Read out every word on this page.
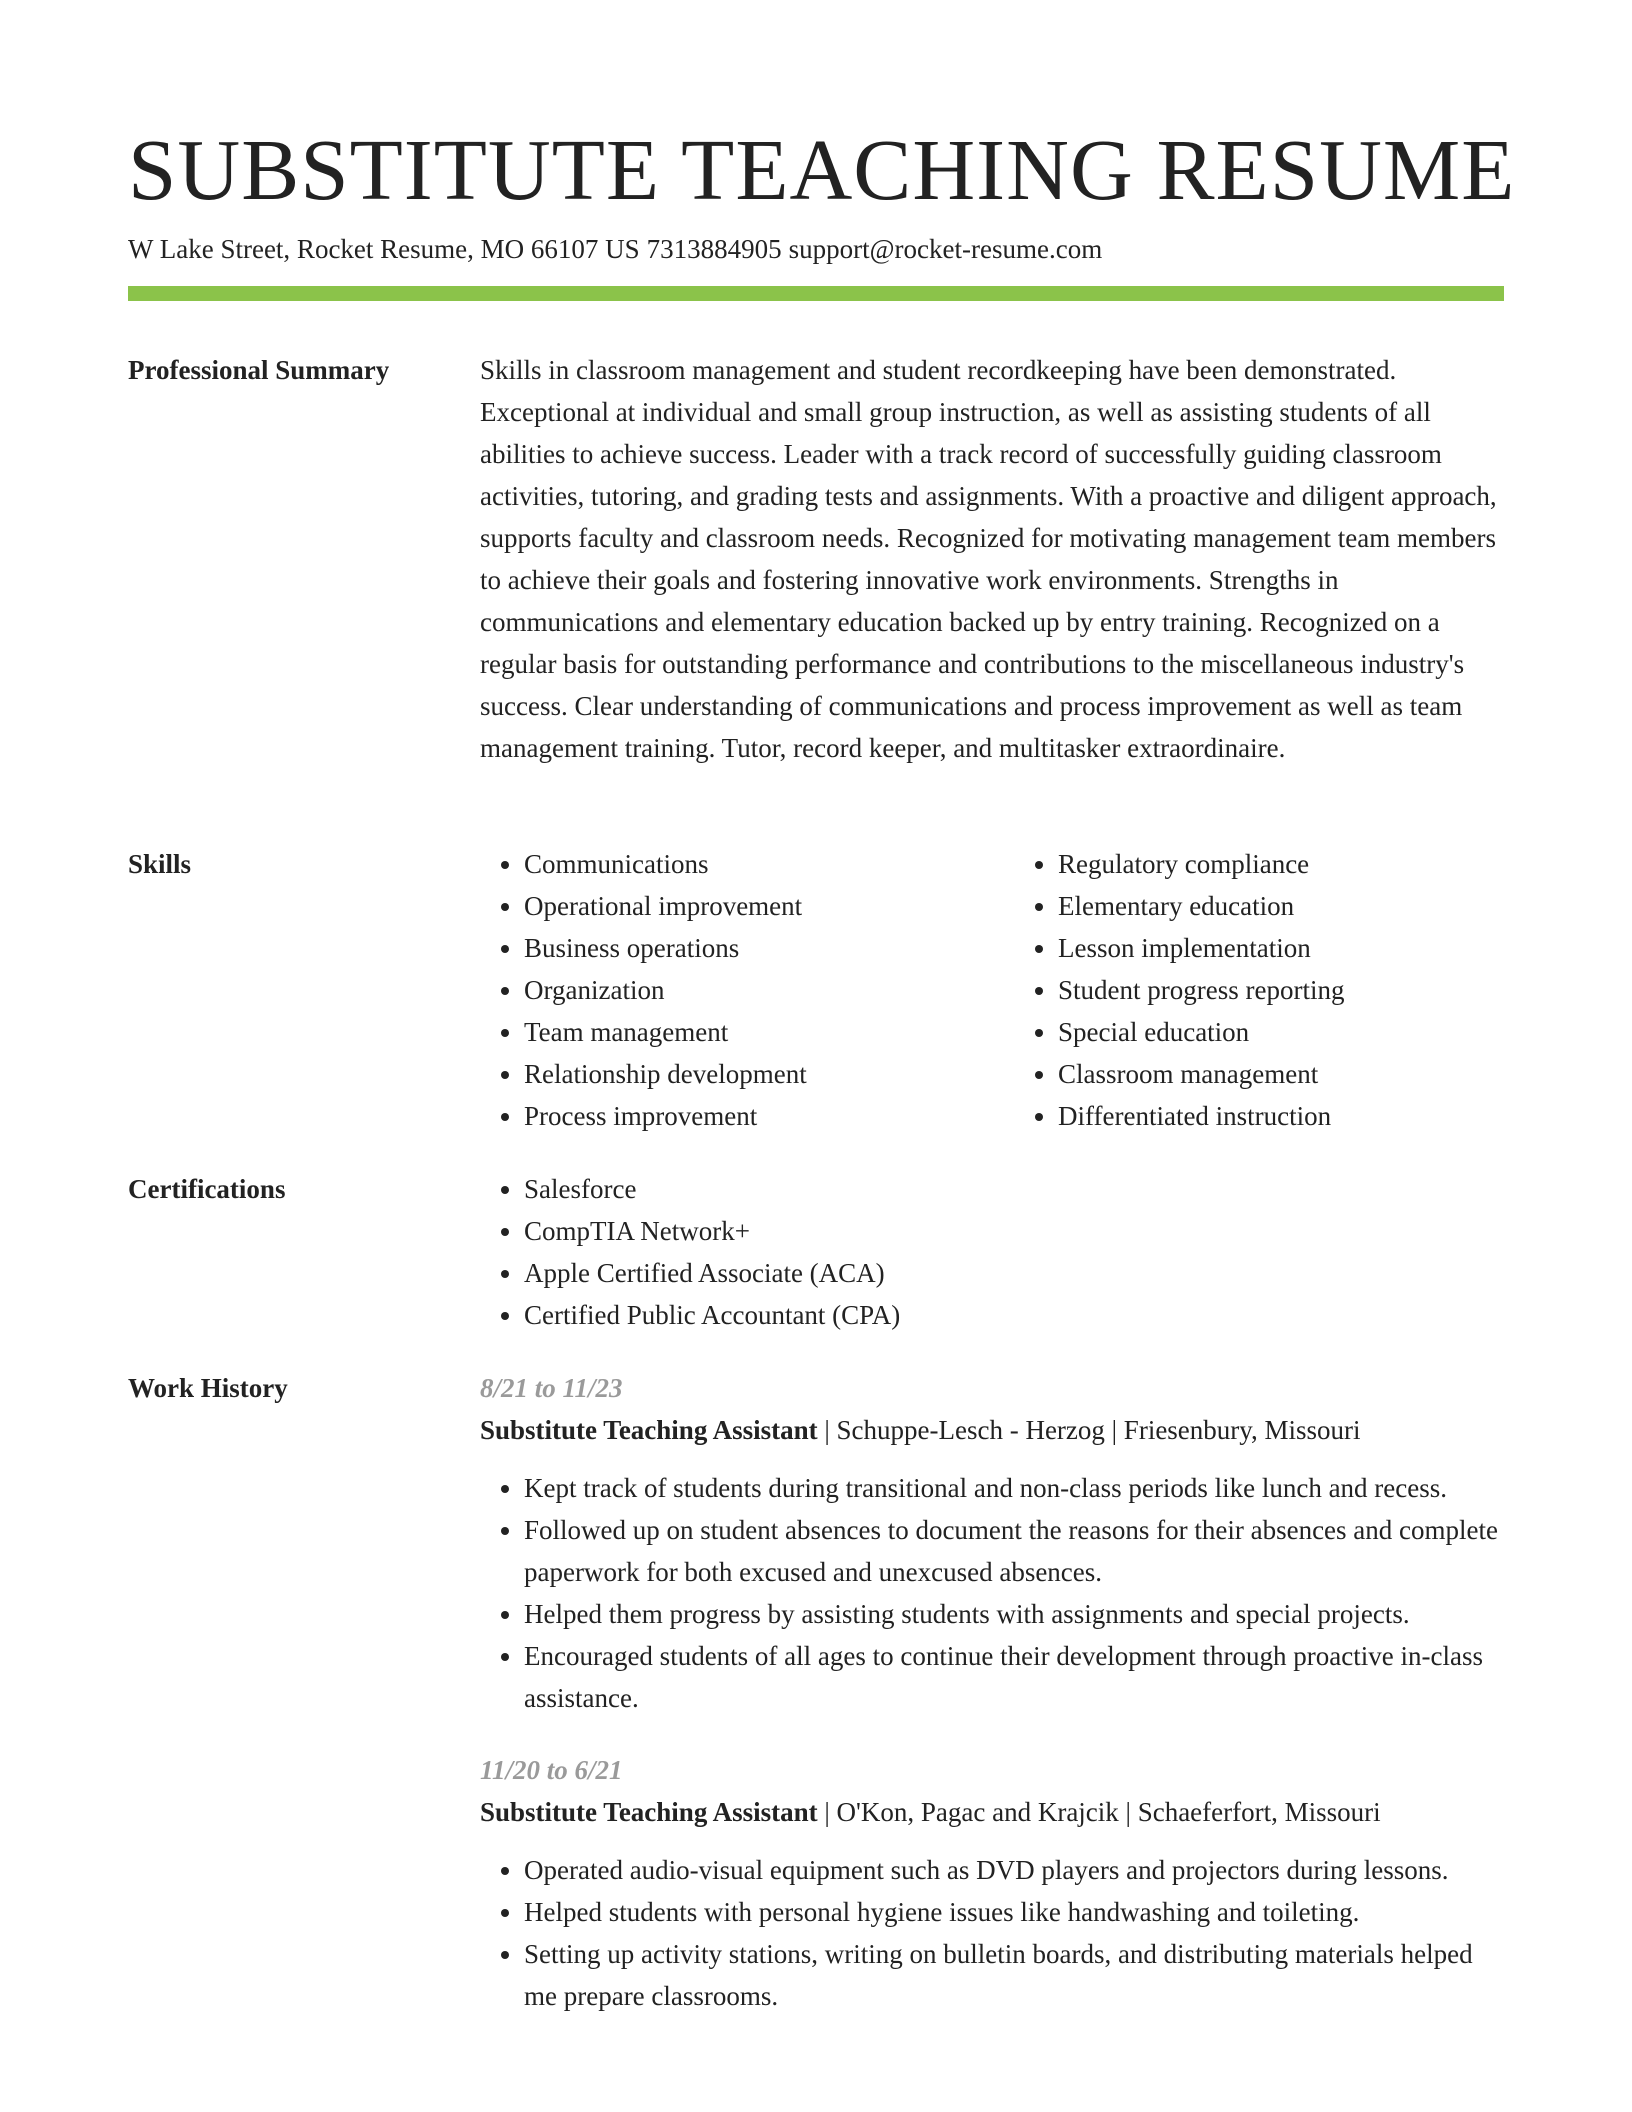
SUBSTITUTE TEACHING RESUME
W Lake Street, Rocket Resume, MO 66107 US 7313884905 support@rocket-resume.com
Professional Summary	Skills in classroom management and student recordkeeping have been demonstrated. Exceptional at individual and small group instruction, as well as assisting students of all abilities to achieve success. Leader with a track record of successfully guiding classroom activities, tutoring, and grading tests and assignments. With a proactive and diligent approach, supports faculty and classroom needs. Recognized for motivating management team members to achieve their goals and fostering innovative work environments. Strengths in communications and elementary education backed up by entry training. Recognized on a regular basis for outstanding performance and contributions to the miscellaneous industry's success. Clear understanding of communications and process improvement as well as team management training. Tutor, record keeper, and multitasker extraordinaire.

Skills	• Communications
• Operational improvement
• Business operations
• Organization
• Team management
• Relationship development
• Process improvement
• Regulatory compliance
• Elementary education
• Lesson implementation
• Student progress reporting
• Special education
• Classroom management
• Differentiated instruction
Certifications	• Salesforce
• CompTIA Network+
• Apple Certified Associate (ACA)
• Certified Public Accountant (CPA)
Work History	8/21 to 11/23
Substitute Teaching Assistant | Schuppe-Lesch - Herzog | Friesenbury, Missouri
• Kept track of students during transitional and non-class periods like lunch and recess.
• Followed up on student absences to document the reasons for their absences and complete paperwork for both excused and unexcused absences.
• Helped them progress by assisting students with assignments and special projects.
• Encouraged students of all ages to continue their development through proactive in-class assistance.
11/20 to 6/21
Substitute Teaching Assistant | O'Kon, Pagac and Krajcik | Schaeferfort, Missouri
• Operated audio-visual equipment such as DVD players and projectors during lessons.
• Helped students with personal hygiene issues like handwashing and toileting.
• Setting up activity stations, writing on bulletin boards, and distributing materials helped me prepare classrooms.
